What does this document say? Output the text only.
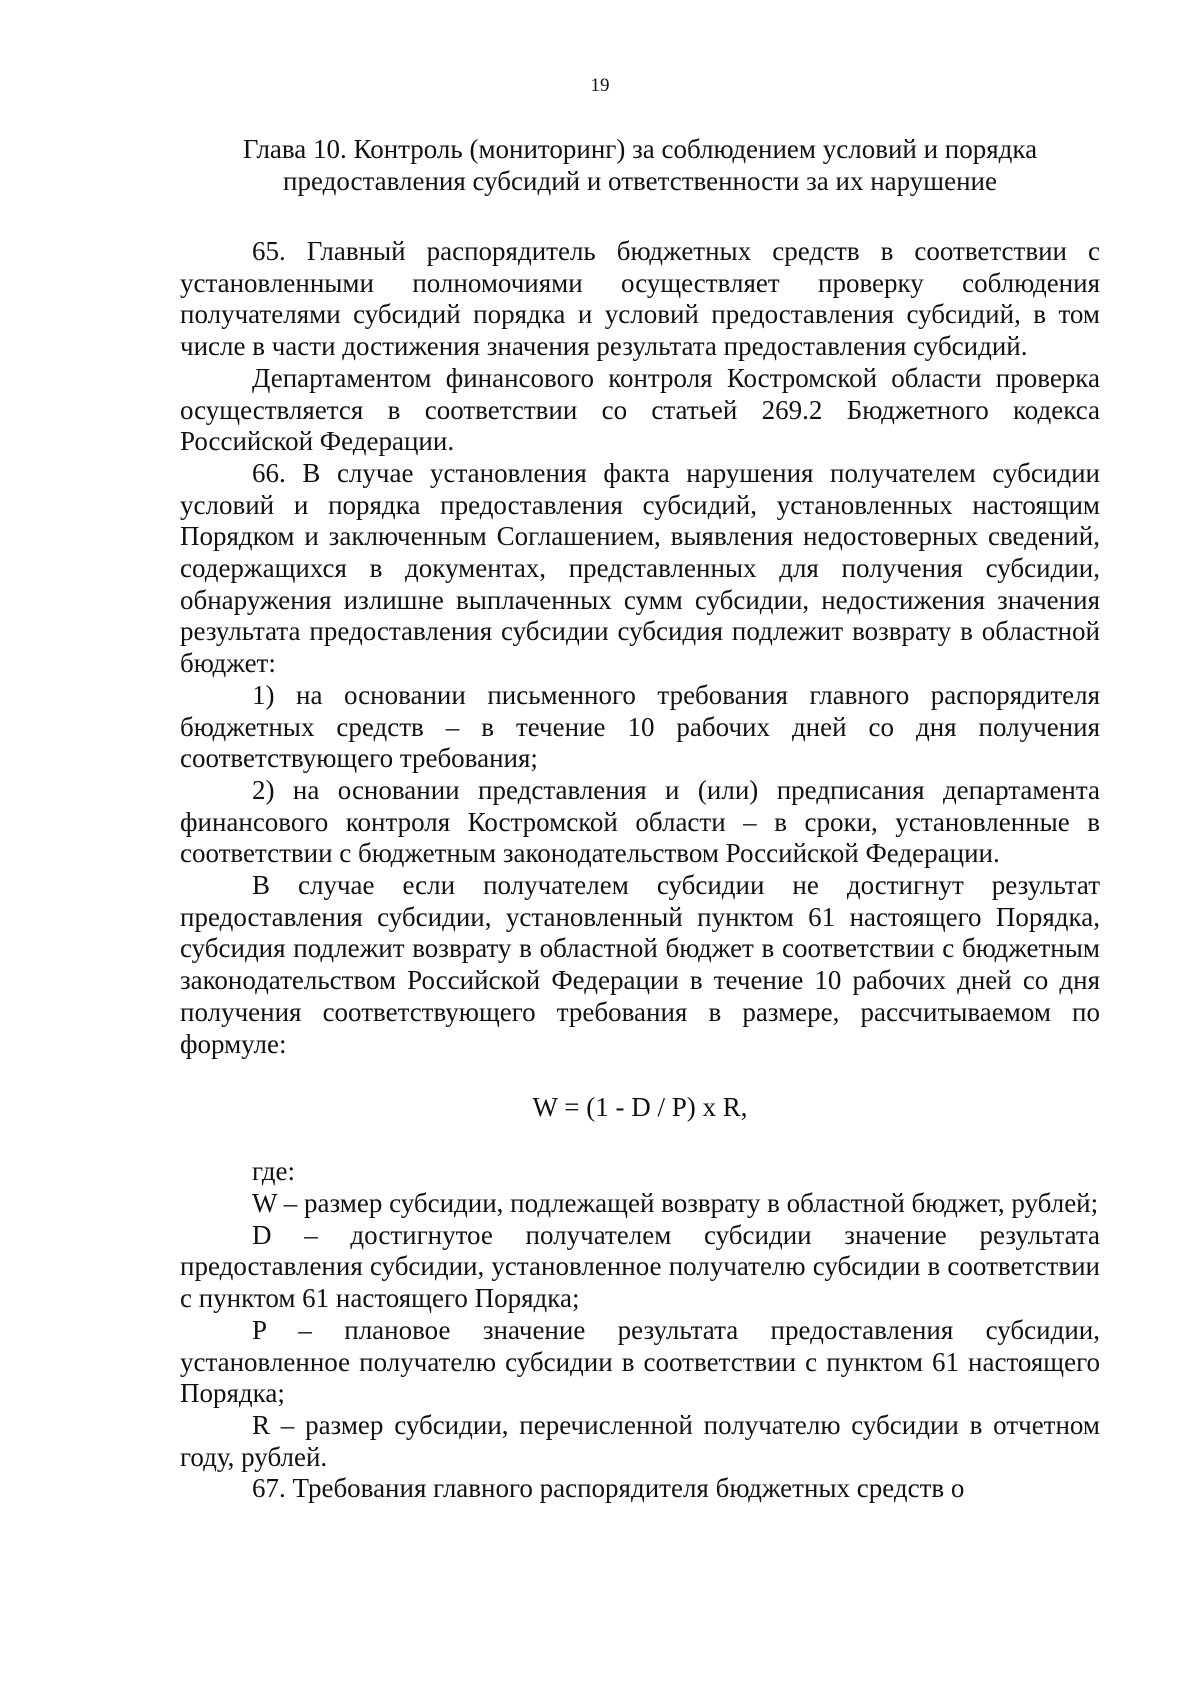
19
Глава 10. Контроль (мониторинг) за соблюдением условий и порядка
предоставления субсидий и ответственности за их нарушение

65. Главный распорядитель бюджетных средств в соответствии с установленными полномочиями осуществляет проверку соблюдения получателями субсидий порядка и условий предоставления субсидий, в том числе в части достижения значения результата предоставления субсидий.

Департаментом финансового контроля Костромской области проверка осуществляется в соответствии со статьей 269.2 Бюджетного кодекса Российской Федерации.

66. В случае установления факта нарушения получателем субсидии условий и порядка предоставления субсидий, установленных настоящим Порядком и заключенным Соглашением, выявления недостоверных сведений, содержащихся в документах, представленных для получения субсидии, обнаружения излишне выплаченных сумм субсидии, недостижения значения результата предоставления субсидии субсидия подлежит возврату в областной бюджет:

1) на основании письменного требования главного распорядителя бюджетных средств – в течение 10 рабочих дней со дня получения соответствующего требования;

2) на основании представления и (или) предписания департамента финансового контроля Костромской области – в сроки, установленные в соответствии с бюджетным законодательством Российской Федерации.

В случае если получателем субсидии не достигнут результат предоставления субсидии, установленный пунктом 61 настоящего Порядка, субсидия подлежит возврату в областной бюджет в соответствии с бюджетным законодательством Российской Федерации в течение 10 рабочих дней со дня получения соответствующего требования в размере, рассчитываемом по формуле:

W = (1 - D / P) x R,

где:

W – размер субсидии, подлежащей возврату в областной бюджет, рублей;

D – достигнутое получателем субсидии значение результата предоставления субсидии, установленное получателю субсидии в соответствии с пунктом 61 настоящего Порядка;

P – плановое значение результата предоставления субсидии, установленное получателю субсидии в соответствии с пунктом 61 настоящего Порядка;

R – размер субсидии, перечисленной получателю субсидии в отчетном году, рублей.

67. Требования главного распорядителя бюджетных средств о
